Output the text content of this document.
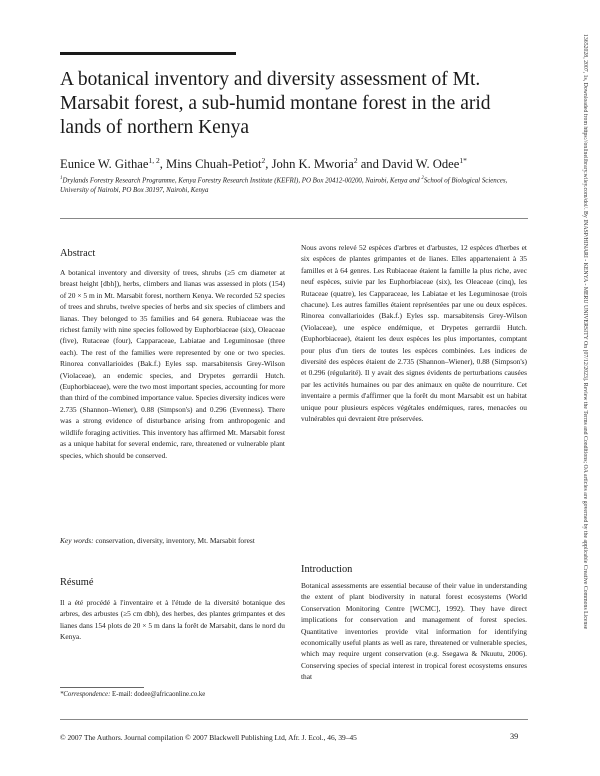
13652028, 2007, 1s, Downloaded from https://onlinelibrary.wiley.com/doi/. By INASP/HINARI - KENYA - MERU UNIVERSITY On [07/12/2023]. Review the Terms and Conditions; OA articles are governed by the applicable Creative Commons License
A botanical inventory and diversity assessment of Mt. Marsabit forest, a sub-humid montane forest in the arid lands of northern Kenya
Eunice W. Githae$^{1, 2}$, Mins Chuah-Petiot$^2$, John K. Mworia$^2$ and David W. Odee$^{1*}$
$^1$Drylands Forestry Research Programme, Kenya Forestry Research Institute (KEFRI), PO Box 20412-00200, Nairobi, Kenya and $^2$School of Biological Sciences, University of Nairobi, PO Box 30197, Nairobi, Kenya
Abstract

A botanical inventory and diversity of trees, shrubs (≥5 cm diameter at breast height [dbh]), herbs, climbers and lianas was assessed in plots (154) of 20 × 5 m in Mt. Marsabit forest, northern Kenya. We recorded 52 species of trees and shrubs, twelve species of herbs and six species of climbers and lianas. They belonged to 35 families and 64 genera. Rubiaceae was the richest family with nine species followed by Euphorbiaceae (six), Oleaceae (five), Rutaceae (four), Capparaceae, Labiatae and Leguminosae (three each). The rest of the families were represented by one or two species. Rinorea convallarioides (Bak.f.) Eyles ssp. marsabitensis Grey-Wilson (Violaceae), an endemic species, and Drypetes gerrardii Hutch. (Euphorbiaceae), were the two most important species, accounting for more than third of the combined importance value. Species diversity indices were 2.735 (Shannon–Wiener), 0.88 (Simpson's) and 0.296 (Evenness). There was a strong evidence of disturbance arising from anthropogenic and wildlife foraging activities. This inventory has affirmed Mt. Marsabit forest as a unique habitat for several endemic, rare, threatened or vulnerable plant species, which should be conserved.

Key words: conservation, diversity, inventory, Mt. Marsabit forest
Résumé

Il a été procédé à l'inventaire et à l'étude de la diversité botanique des arbres, des arbustes (≥5 cm dbh), des herbes, des plantes grimpantes et des lianes dans 154 plots de 20 × 5 m dans la forêt de Marsabit, dans le nord du Kenya.

Nous avons relevé 52 espèces d'arbres et d'arbustes, 12 espèces d'herbes et six espèces de plantes grimpantes et de lianes. Elles appartenaient à 35 familles et à 64 genres. Les Rubiaceae étaient la famille la plus riche, avec neuf espèces, suivie par les Euphorbiaceae (six), les Oleaceae (cinq), les Rutaceae (quatre), les Capparaceae, les Labiatae et les Leguminosae (trois chacune). Les autres familles étaient représentées par une ou deux espèces. Rinorea convallarioides (Bak.f.) Eyles ssp. marsabitensis Grey-Wilson (Violaceae), une espèce endémique, et Drypetes gerrardii Hutch. (Euphorbiaceae), étaient les deux espèces les plus importantes, comptant pour plus d'un tiers de toutes les espèces combinées. Les indices de diversité des espèces étaient de 2.735 (Shannon–Wiener), 0.88 (Simpson's) et 0.296 (régularité). Il y avait des signes évidents de perturbations causées par les activités humaines ou par des animaux en quête de nourriture. Cet inventaire a permis d'affirmer que la forêt du mont Marsabit est un habitat unique pour plusieurs espèces végétales endémiques, rares, menacées ou vulnérables qui devraient être préservées.

Introduction

Botanical assessments are essential because of their value in understanding the extent of plant biodiversity in natural forest ecosystems (World Conservation Monitoring Centre [WCMC], 1992). They have direct implications for conservation and management of forest species. Quantitative inventories provide vital information for identifying economically useful plants as well as rare, threatened or vulnerable species, which may require urgent conservation (e.g. Ssegawa & Nkuutu, 2006). Conserving species of special interest in tropical forest ecosystems ensures that

*Correspondence: E-mail: dodee@africaonline.co.ke
© 2007 The Authors. Journal compilation © 2007 Blackwell Publishing Ltd, Afr. J. Ecol., 46, 39–45	39
